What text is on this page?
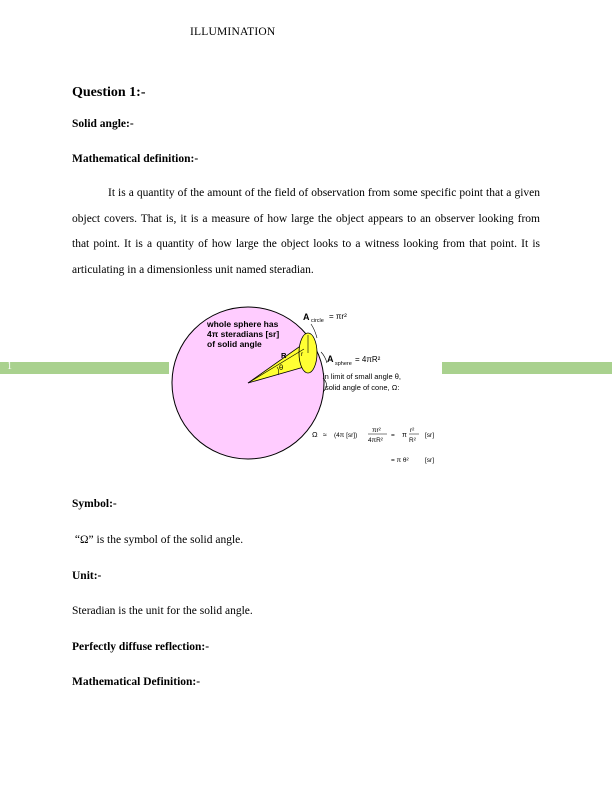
ILLUMINATION
Question 1:-
Solid angle:-
Mathematical definition:-

It is a quantity of the amount of the field of observation from some specific point that a given object covers. That is, it is a measure of how large the object appears to an observer looking from that point. It is a quantity of how large the object looks to a witness looking from that point. It is articulating in a dimensionless unit named steradian.

1
whole sphere has
4π steradians [sr]
of solid angle
A circle = πr²
A sphere = 4πR²
R r
θ
in limit of small angle θ,
solid angle of cone, Ω:
Ω ≈ (4π [sr])
πr²
4πR²
= π
r²
R²
[sr]
= π θ²	[sr]
Symbol:-
“Ω” is the symbol of the solid angle.
Unit:-
Steradian is the unit for the solid angle.
Perfectly diffuse reflection:-
Mathematical Definition:-
